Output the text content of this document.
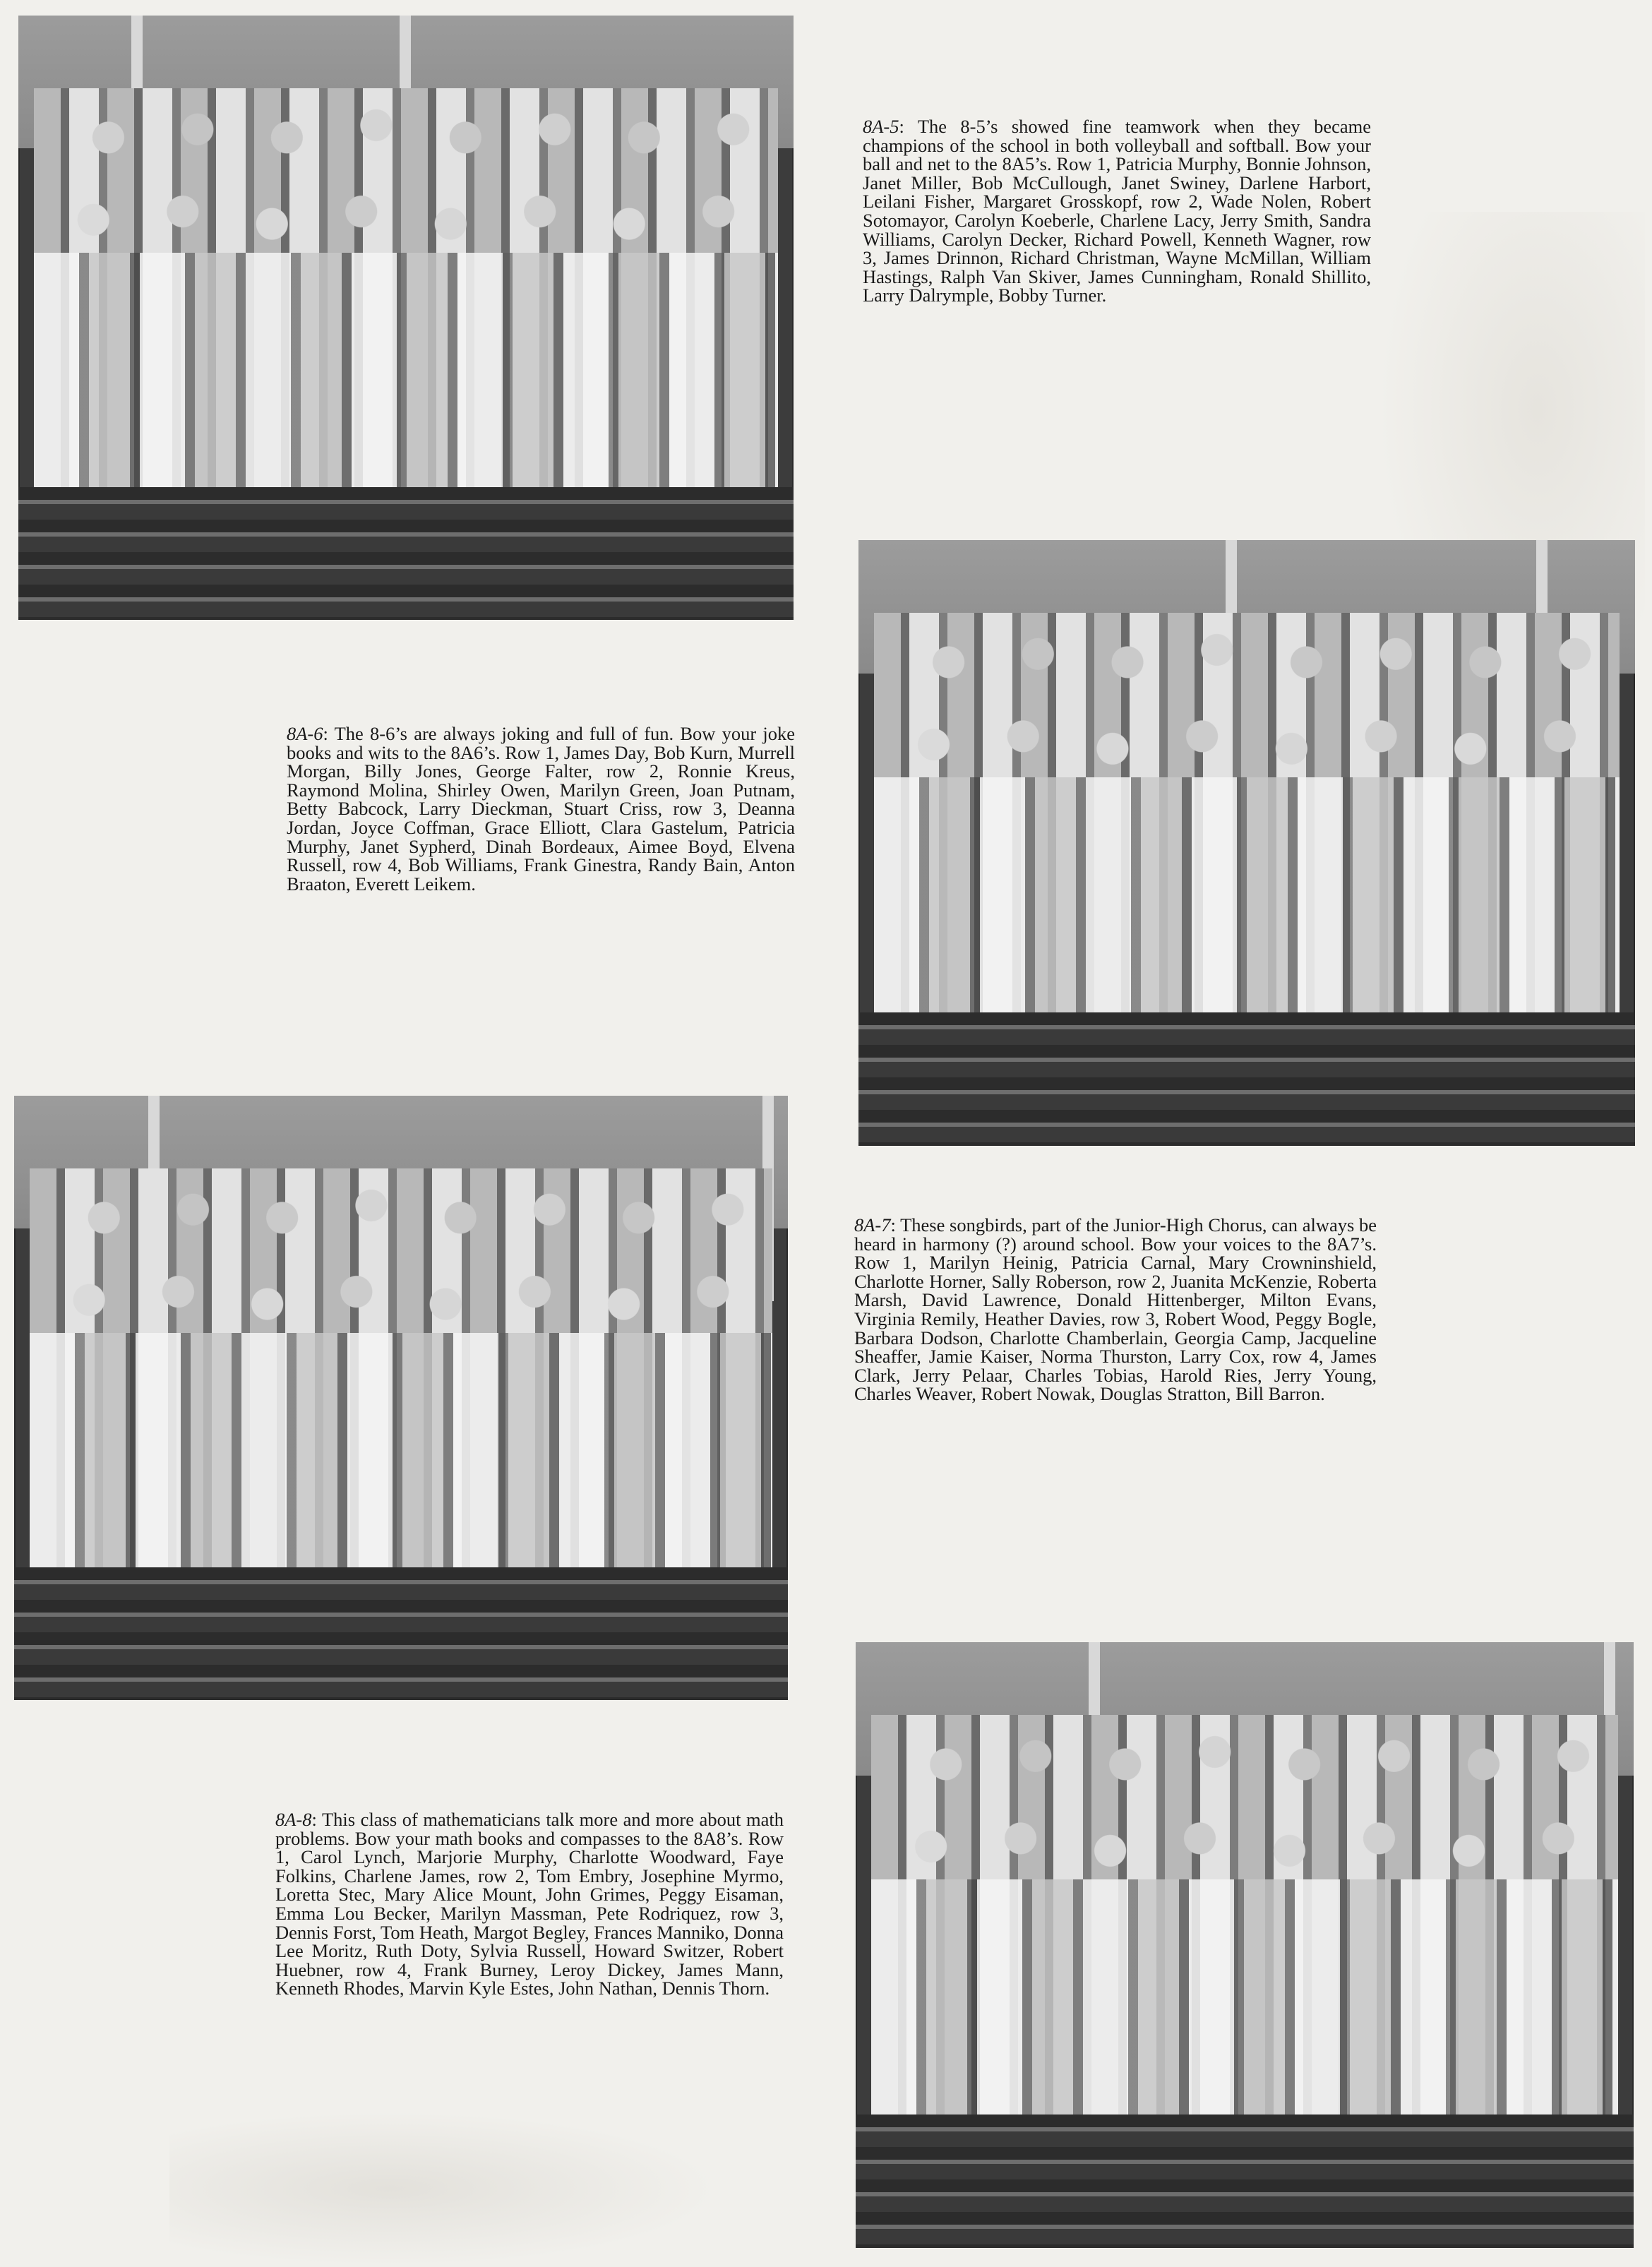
8A-5: The 8-5’s showed fine teamwork when they became champions of the school in both volleyball and softball. Bow your ball and net to the 8A5’s. Row 1, Patricia Murphy, Bonnie Johnson, Janet Miller, Bob McCullough, Janet Swiney, Darlene Harbort, Leilani Fisher, Margaret Grosskopf, row 2, Wade Nolen, Robert Sotomayor, Carolyn Koeberle, Charlene Lacy, Jerry Smith, Sandra Williams, Carolyn Decker, Richard Powell, Kenneth Wagner, row 3, James Drinnon, Richard Christman, Wayne McMillan, William Hastings, Ralph Van Skiver, James Cunningham, Ronald Shillito, Larry Dalrymple, Bobby Turner.

8A-6: The 8-6’s are always joking and full of fun. Bow your joke books and wits to the 8A6’s. Row 1, James Day, Bob Kurn, Murrell Morgan, Billy Jones, George Falter, row 2, Ronnie Kreus, Raymond Molina, Shirley Owen, Marilyn Green, Joan Putnam, Betty Babcock, Larry Dieckman, Stuart Criss, row 3, Deanna Jordan, Joyce Coffman, Grace Elliott, Clara Gastelum, Patricia Murphy, Janet Sypherd, Dinah Bordeaux, Aimee Boyd, Elvena Russell, row 4, Bob Williams, Frank Ginestra, Randy Bain, Anton Braaton, Everett Leikem.

8A-7: These songbirds, part of the Junior-High Chorus, can always be heard in harmony (?) around school. Bow your voices to the 8A7’s. Row 1, Marilyn Heinig, Patricia Carnal, Mary Crowninshield, Charlotte Horner, Sally Roberson, row 2, Juanita McKenzie, Roberta Marsh, David Lawrence, Donald Hittenberger, Milton Evans, Virginia Remily, Heather Davies, row 3, Robert Wood, Peggy Bogle, Barbara Dodson, Charlotte Chamberlain, Georgia Camp, Jacqueline Sheaffer, Jamie Kaiser, Norma Thurston, Larry Cox, row 4, James Clark, Jerry Pelaar, Charles Tobias, Harold Ries, Jerry Young, Charles Weaver, Robert Nowak, Douglas Stratton, Bill Barron.

8A-8: This class of mathematicians talk more and more about math problems. Bow your math books and compasses to the 8A8’s. Row 1, Carol Lynch, Marjorie Murphy, Charlotte Woodward, Faye Folkins, Charlene James, row 2, Tom Embry, Josephine Myrmo, Loretta Stec, Mary Alice Mount, John Grimes, Peggy Eisaman, Emma Lou Becker, Marilyn Massman, Pete Rodriquez, row 3, Dennis Forst, Tom Heath, Margot Begley, Frances Manniko, Donna Lee Moritz, Ruth Doty, Sylvia Russell, Howard Switzer, Robert Huebner, row 4, Frank Burney, Leroy Dickey, James Mann, Kenneth Rhodes, Marvin Kyle Estes, John Nathan, Dennis Thorn.
